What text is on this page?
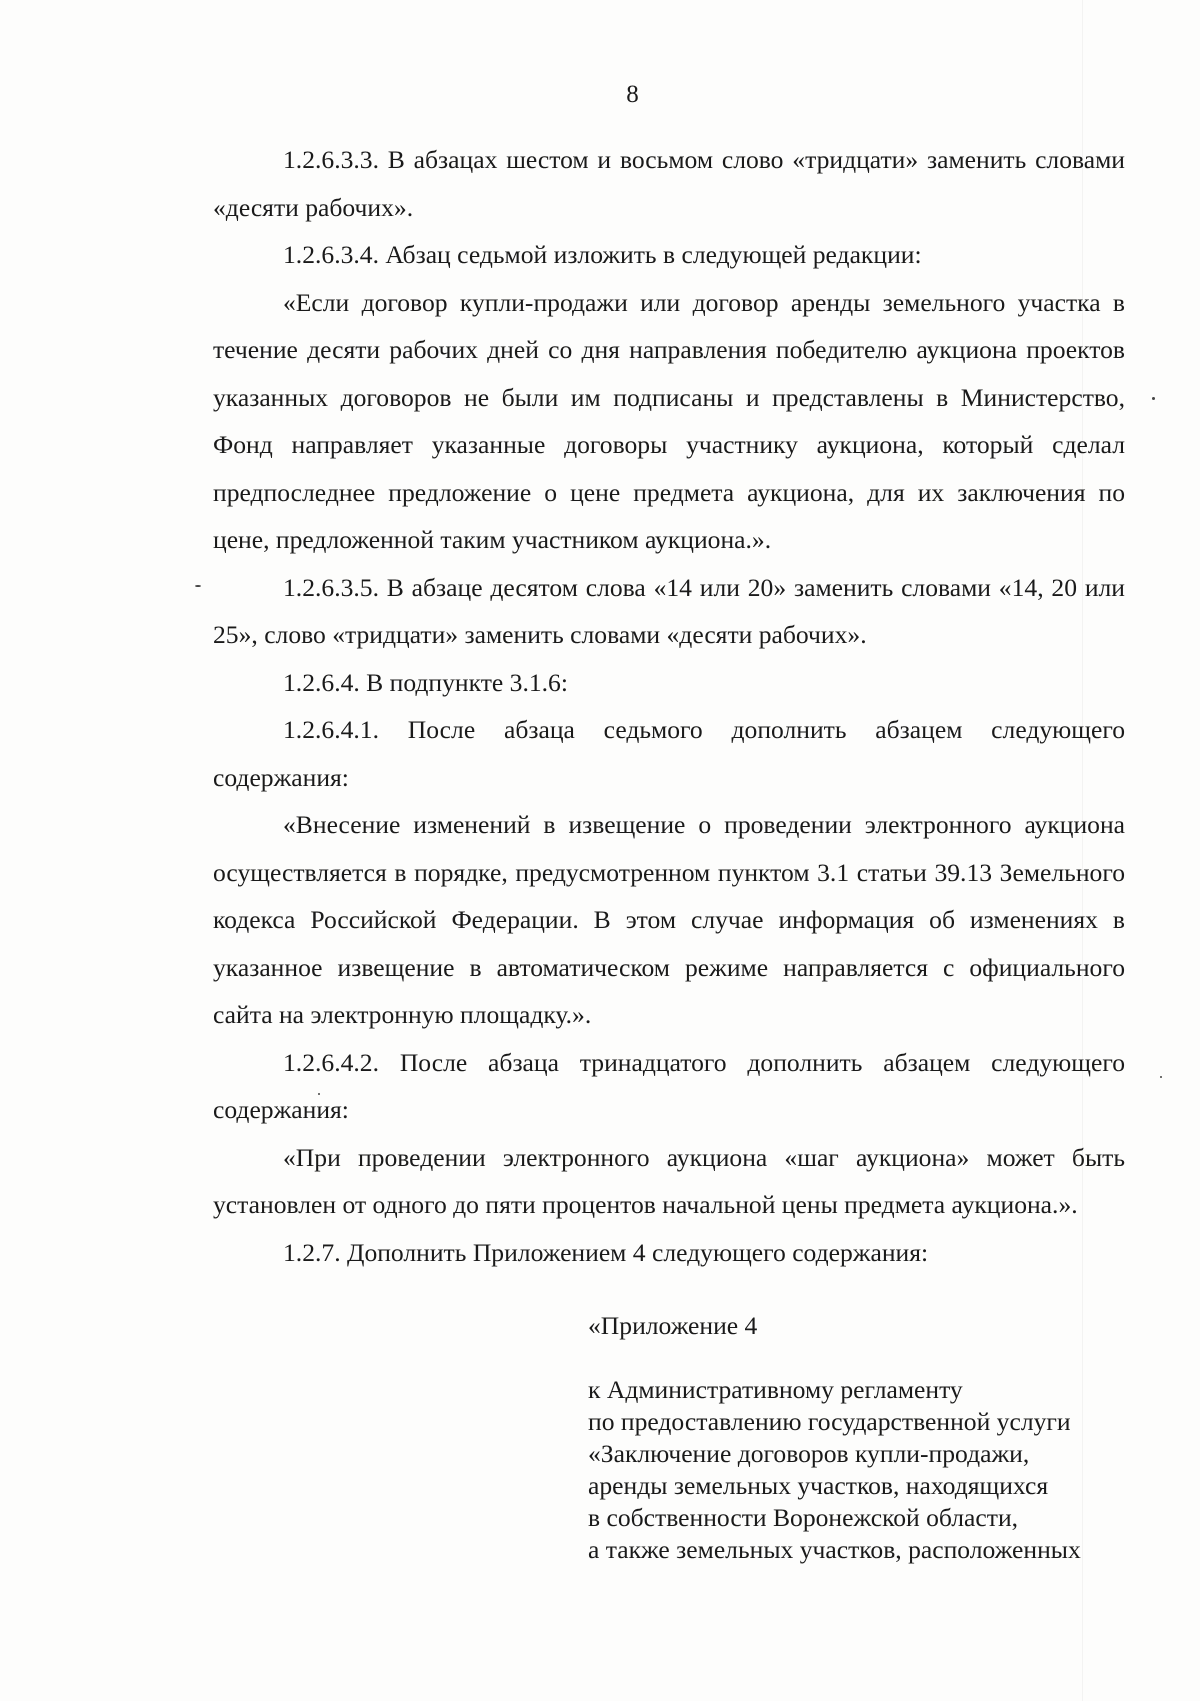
8

1.2.6.3.3. В абзацах шестом и восьмом слово «тридцати» заменить словами «десяти рабочих».

1.2.6.3.4. Абзац седьмой изложить в следующей редакции:

«Если договор купли-продажи или договор аренды земельного участка в течение десяти рабочих дней со дня направления победителю аукциона проектов указанных договоров не были им подписаны и представлены в Министерство, Фонд направляет указанные договоры участнику аукциона, который сделал предпоследнее предложение о цене предмета аукциона, для их заключения по цене, предложенной таким участником аукциона.».

1.2.6.3.5. В абзаце десятом слова «14 или 20» заменить словами «14, 20 или 25», слово «тридцати» заменить словами «десяти рабочих».

1.2.6.4. В подпункте 3.1.6:

1.2.6.4.1. После абзаца седьмого дополнить абзацем следующего содержания:

«Внесение изменений в извещение о проведении электронного аукциона осуществляется в порядке, предусмотренном пунктом 3.1 статьи 39.13 Земельного кодекса Российской Федерации. В этом случае информация об изменениях в указанное извещение в автоматическом режиме направляется с официального сайта на электронную площадку.».

1.2.6.4.2. После абзаца тринадцатого дополнить абзацем следующего содержания:

«При проведении электронного аукциона «шаг аукциона» может быть установлен от одного до пяти процентов начальной цены предмета аукциона.».

1.2.7. Дополнить Приложением 4 следующего содержания:

«Приложение 4
к Административному регламенту
по предоставлению государственной услуги
«Заключение договоров купли-продажи,
аренды земельных участков, находящихся
в собственности Воронежской области,
а также земельных участков, расположенных
